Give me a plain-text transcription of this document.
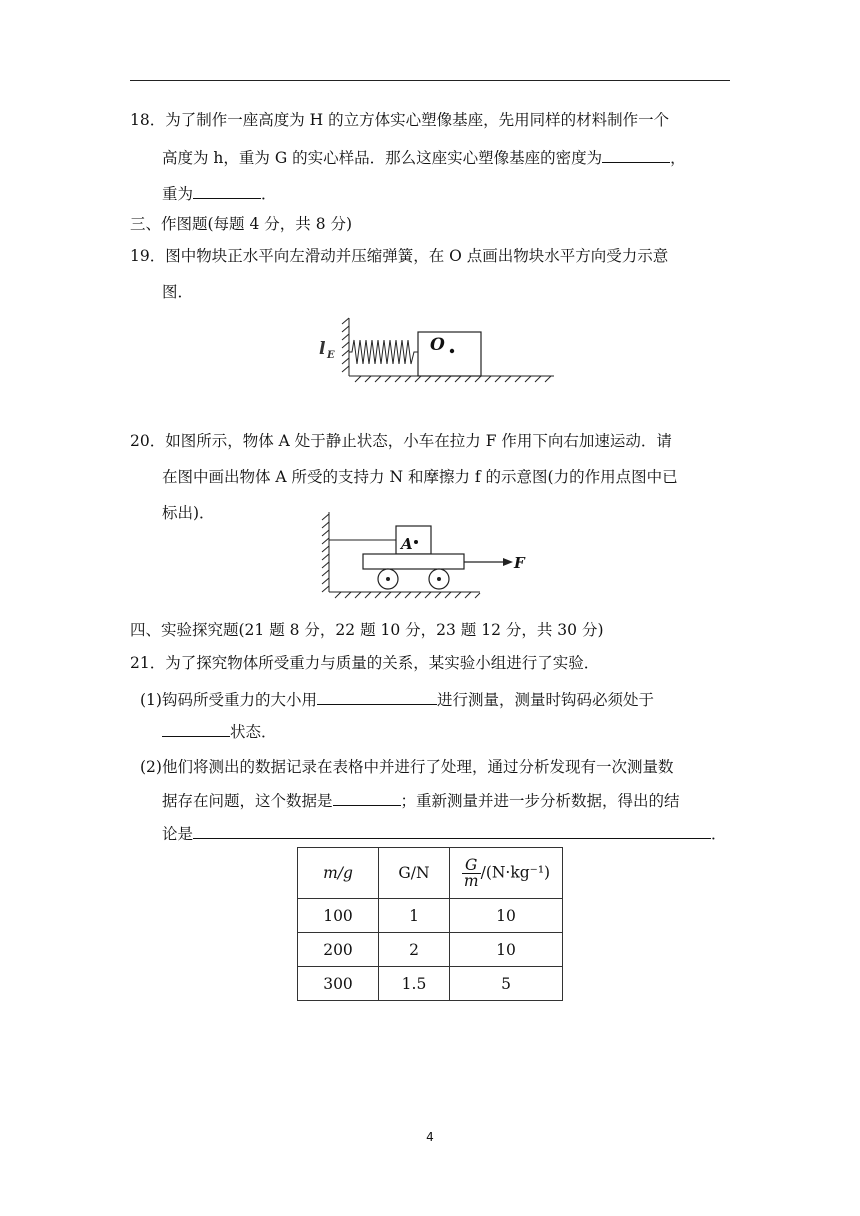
18．为了制作一座高度为 H 的立方体实心塑像基座，先用同样的材料制作一个
高度为 h，重为 G 的实心样品．那么这座实心塑像基座的密度为	，
重为	．
三、作图题(每题 4 分，共 8 分)
19．图中物块正水平向左滑动并压缩弹簧，在 O 点画出物块水平方向受力示意
图．
l E
O
20．如图所示，物体 A 处于静止状态，小车在拉力 F 作用下向右加速运动．请
在图中画出物体 A 所受的支持力 N 和摩擦力 f 的示意图(力的作用点图中已
标出)．
A
F
四、实验探究题(21 题 8 分，22 题 10 分，23 题 12 分，共 30 分)
21．为了探究物体所受重力与质量的关系，某实验小组进行了实验．
(1)钩码所受重力的大小用	进行测量，测量时钩码必须处于
状态．
(2)他们将测出的数据记录在表格中并进行了处理，通过分析发现有一次测量数
据存在问题，这个数据是	；重新测量并进一步分析数据，得出的结
论是	．
m/g	G/N	$\frac{G}{m} /(N\cdot kg^{-1})$
100	1	10
200	2	10
300	1.5	5
4
